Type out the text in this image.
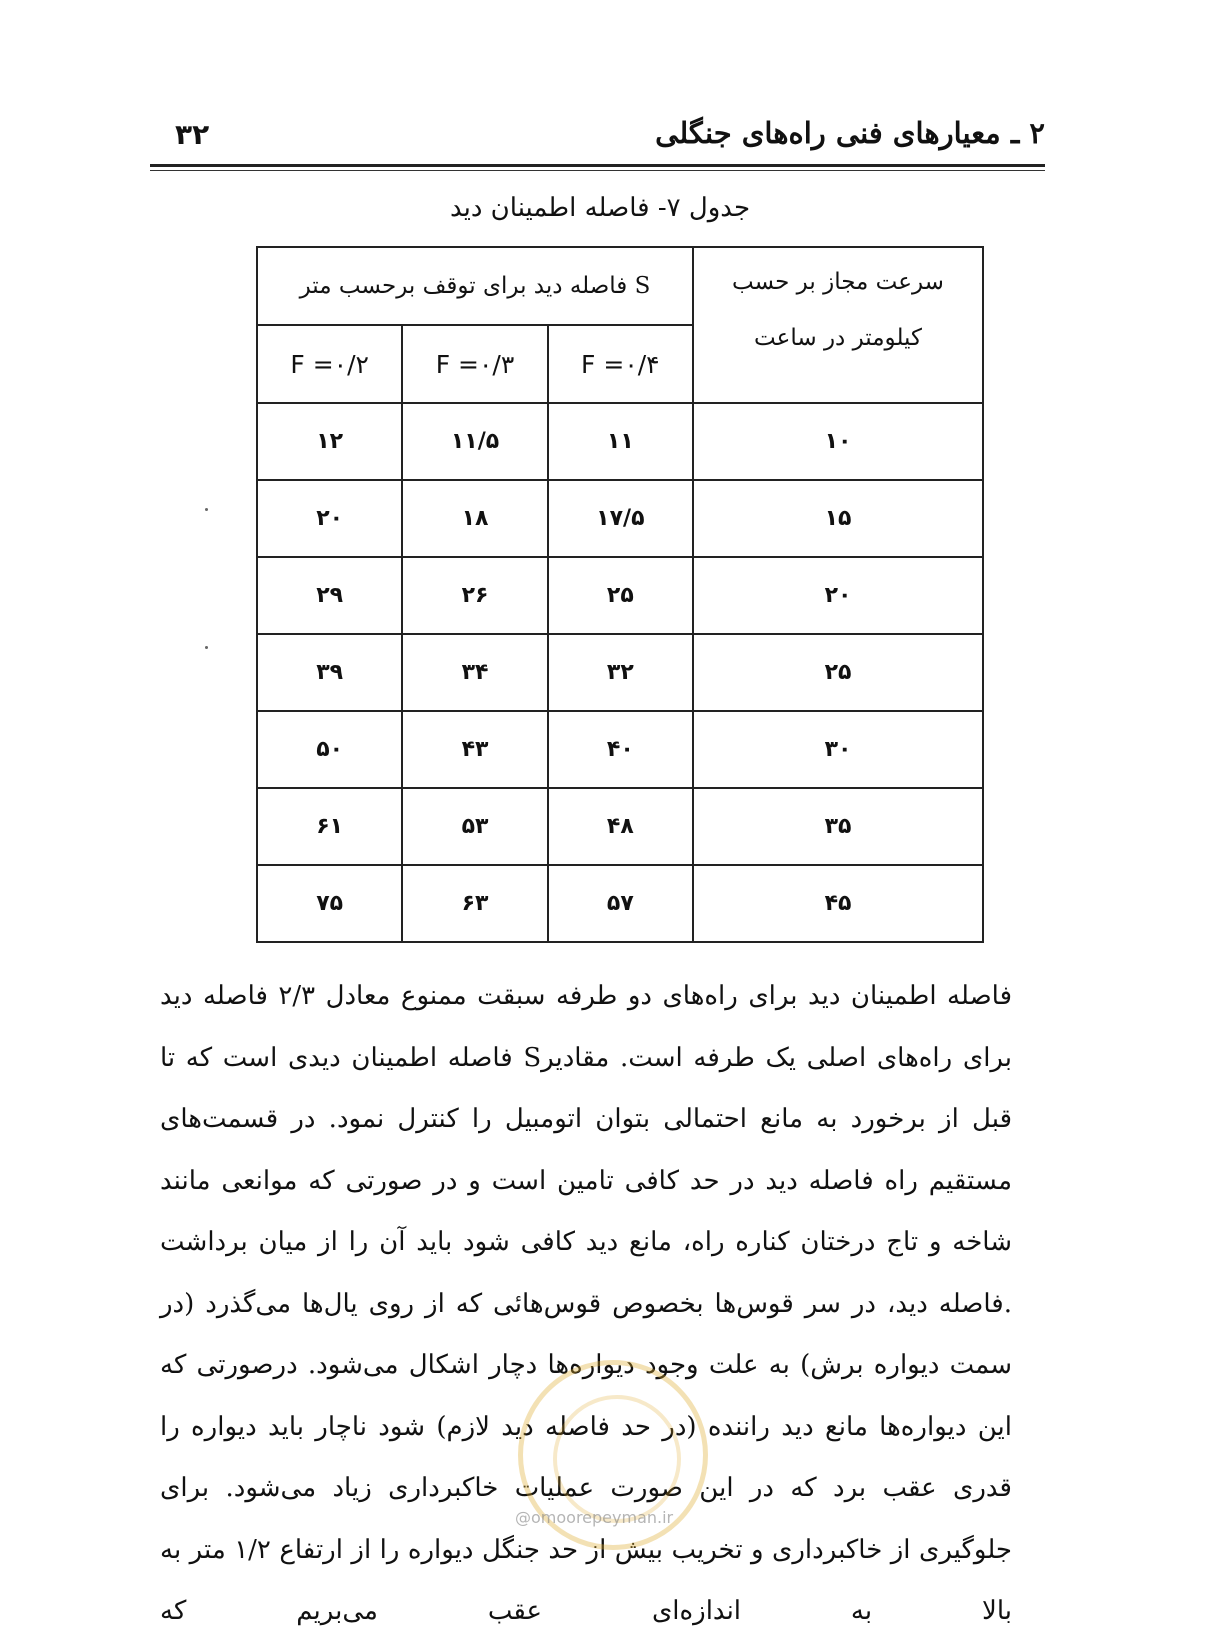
۳۲	۲ ـ معیارهای فنی راه‌های جنگلی
جدول ۷- فاصله اطمینان دید
سرعت مجاز بر حسب کیلومتر در ساعت	S فاصله دید برای توقف برحسب متر		
	F =۰/۴	F =۰/۳	F =۰/۲
۱۰	۱۱	۱۱/۵	۱۲
۱۵	۱۷/۵	۱۸	۲۰
۲۰	۲۵	۲۶	۲۹
۲۵	۳۲	۳۴	۳۹
۳۰	۴۰	۴۳	۵۰
۳۵	۴۸	۵۳	۶۱
۴۵	۵۷	۶۳	۷۵

فاصله اطمینان دید برای راه‌های دو طرفه سبقت ممنوع معادل ۲/۳ فاصله دید برای راه‌های اصلی یک طرفه است. مقادیرS فاصله اطمینان دیدی است که تا قبل از برخورد به مانع احتمالی بتوان اتومبیل را کنترل نمود. در قسمت‌های مستقیم راه فاصله دید در حد کافی تامین است و در صورتی که موانعی مانند شاخه و تاج درختان کناره راه، مانع دید کافی شود باید آن را از میان برداشت .فاصله دید، در سر قوس‌ها بخصوص قوس‌هائی که از روی یال‌ها می‌گذرد (در سمت دیواره برش) به علت وجود دیواره‌ها دچار اشکال می‌شود. درصورتی که این دیواره‌ها مانع دید راننده (در حد فاصله دید لازم) شود ناچار باید دیواره را قدری عقب برد که در این صورت عملیات خاکبرداری زیاد می‌شود. برای جلوگیری از خاکبرداری و تخریب بیش از حد جنگل دیواره را از ارتفاع ۱/۲ متر به بالا به اندازه‌ای عقب می‌بریم که

@omoorepeyman.ir
